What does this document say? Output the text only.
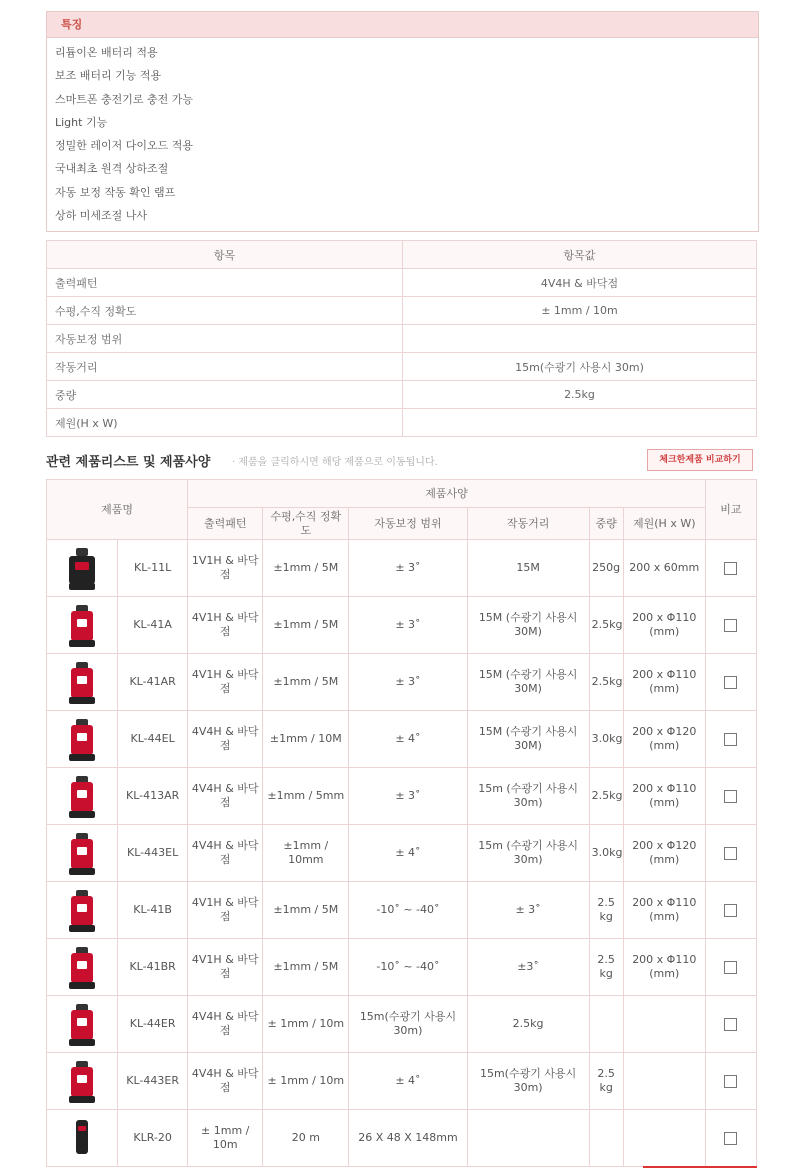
특징
리튬이온 배터리 적용
보조 배터리 기능 적용
스마트폰 충전기로 충전 가능
Light 기능
정밀한 레이저 다이오드 적용
국내최초 원격 상하조절
자동 보정 작동 확인 램프
상하 미세조절 나사
항목	항목값
출력패턴	4V4H & 바닥점
수평,수직 정확도	± 1mm / 10m
자동보정 범위	
작동거리	15m(수광기 사용시 30m)
중량	2.5kg
제원(H x W)	
관련 제품리스트 및 제품사양 · 제품을 클릭하시면 해당 제품으로 이동됩니다.	체크한제품 비교하기
제품명		제품사양						비교
		출력패턴	수평,수직 정확도	자동보정 범위	작동거리	중량	제원(H x W)	

	KL-11L	1V1H & 바닥점	±1mm / 5M	± 3˚	15M	250g	200 x 60mm	

	KL-41A	4V1H & 바닥점	±1mm / 5M	± 3˚	15M (수광기 사용시 30M)	2.5kg	200 x Φ110 (mm)	

	KL-41AR	4V1H & 바닥점	±1mm / 5M	± 3˚	15M (수광기 사용시 30M)	2.5kg	200 x Φ110 (mm)	

	KL-44EL	4V4H & 바닥점	±1mm / 10M	± 4˚	15M (수광기 사용시 30M)	3.0kg	200 x Φ120 (mm)	

	KL-413AR	4V4H & 바닥점	±1mm / 5mm	± 3˚	15m (수광기 사용시 30m)	2.5kg	200 x Φ110 (mm)	

	KL-443EL	4V4H & 바닥점	±1mm / 10mm	± 4˚	15m (수광기 사용시 30m)	3.0kg	200 x Φ120 (mm)	

	KL-41B	4V1H & 바닥점	±1mm / 5M	-10˚ ~ -40˚	± 3˚	2.5 kg	200 x Φ110 (mm)	

	KL-41BR	4V1H & 바닥점	±1mm / 5M	-10˚ ~ -40˚	±3˚	2.5 kg	200 x Φ110 (mm)	

	KL-44ER	4V4H & 바닥점	± 1mm / 10m	15m(수광기 사용시 30m)	2.5kg			

	KL-443ER	4V4H & 바닥점	± 1mm / 10m	± 4˚	15m(수광기 사용시 30m)	2.5 kg		

	KLR-20	± 1mm / 10m	20 m	26 X 48 X 148mm				
